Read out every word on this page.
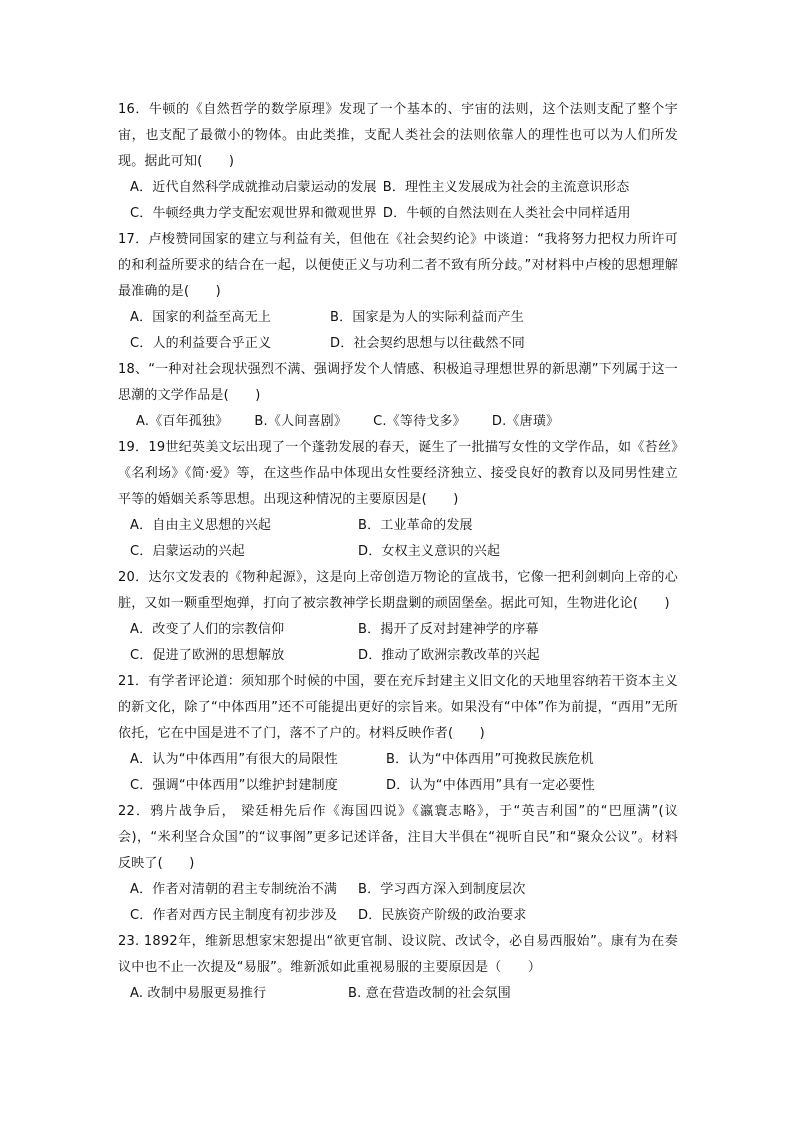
16．牛顿的《自然哲学的数学原理》发现了一个基本的、宇宙的法则，这个法则支配了整个宇宙，也支配了最微小的物体。由此类推，支配人类社会的法则依靠人的理性也可以为人们所发现。据此可知(　　)
A．近代自然科学成就推动启蒙运动的发展 B．理性主义发展成为社会的主流意识形态
C．牛顿经典力学支配宏观世界和微观世界 D．牛顿的自然法则在人类社会中同样适用
17．卢梭赞同国家的建立与利益有关，但他在《社会契约论》中谈道：“我将努力把权力所许可的和利益所要求的结合在一起，以便使正义与功利二者不致有所分歧。”对材料中卢梭的思想理解最准确的是(　　)
A．国家的利益至高无上	B．国家是为人的实际利益而产生
C．人的利益要合乎正义	D．社会契约思想与以往截然不同
18、“一种对社会现状强烈不满、强调抒发个人情感、积极追寻理想世界的新思潮”下列属于这一思潮的文学作品是(　　)
A.《百年孤独》 B.《人间喜剧》 C.《等待戈多》 D.《唐璜》
19．19世纪英美文坛出现了一个蓬勃发展的春天，诞生了一批描写女性的文学作品，如《苔丝》《名利场》《简·爱》等，在这些作品中体现出女性要经济独立、接受良好的教育以及同男性建立平等的婚姻关系等思想。出现这种情况的主要原因是(　　)
A．自由主义思想的兴起	B．工业革命的发展
C．启蒙运动的兴起	D．女权主义意识的兴起
20．达尔文发表的《物种起源》，这是向上帝创造万物论的宣战书，它像一把利剑刺向上帝的心脏，又如一颗重型炮弹，打向了被宗教神学长期盘剿的顽固堡垒。据此可知，生物进化论(　　)
A．改变了人们的宗教信仰	B．揭开了反对封建神学的序幕
C．促进了欧洲的思想解放	D．推动了欧洲宗教改革的兴起
21．有学者评论道：须知那个时候的中国，要在充斥封建主义旧文化的天地里容纳若干资本主义的新文化，除了“中体西用”还不可能提出更好的宗旨来。如果没有“中体”作为前提，“西用”无所依托，它在中国是进不了门，落不了户的。材料反映作者(　　)
A．认为“中体西用”有很大的局限性	B．认为“中体西用”可挽救民族危机
C．强调“中体西用”以维护封建制度	D．认为“中体西用”具有一定必要性
22．鸦片战争后， 梁廷枏先后作《海国四说》《瀛寰志略》，于“英吉利国”的“巴厘满”(议会)，“米利坚合众国”的“议事阁”更多记述详备，注目大半俱在“视听自民”和“聚众公议”。材料反映了(　　)
A．作者对清朝的君主专制统治不满	B．学习西方深入到制度层次
C．作者对西方民主制度有初步涉及	D．民族资产阶级的政治要求
23. 1892年，维新思想家宋恕提出“欲更官制、设议院、改试令，必自易西服始”。康有为在奏议中也不止一次提及“易服”。维新派如此重视易服的主要原因是（　　）
A. 改制中易服更易推行	B. 意在营造改制的社会氛围
